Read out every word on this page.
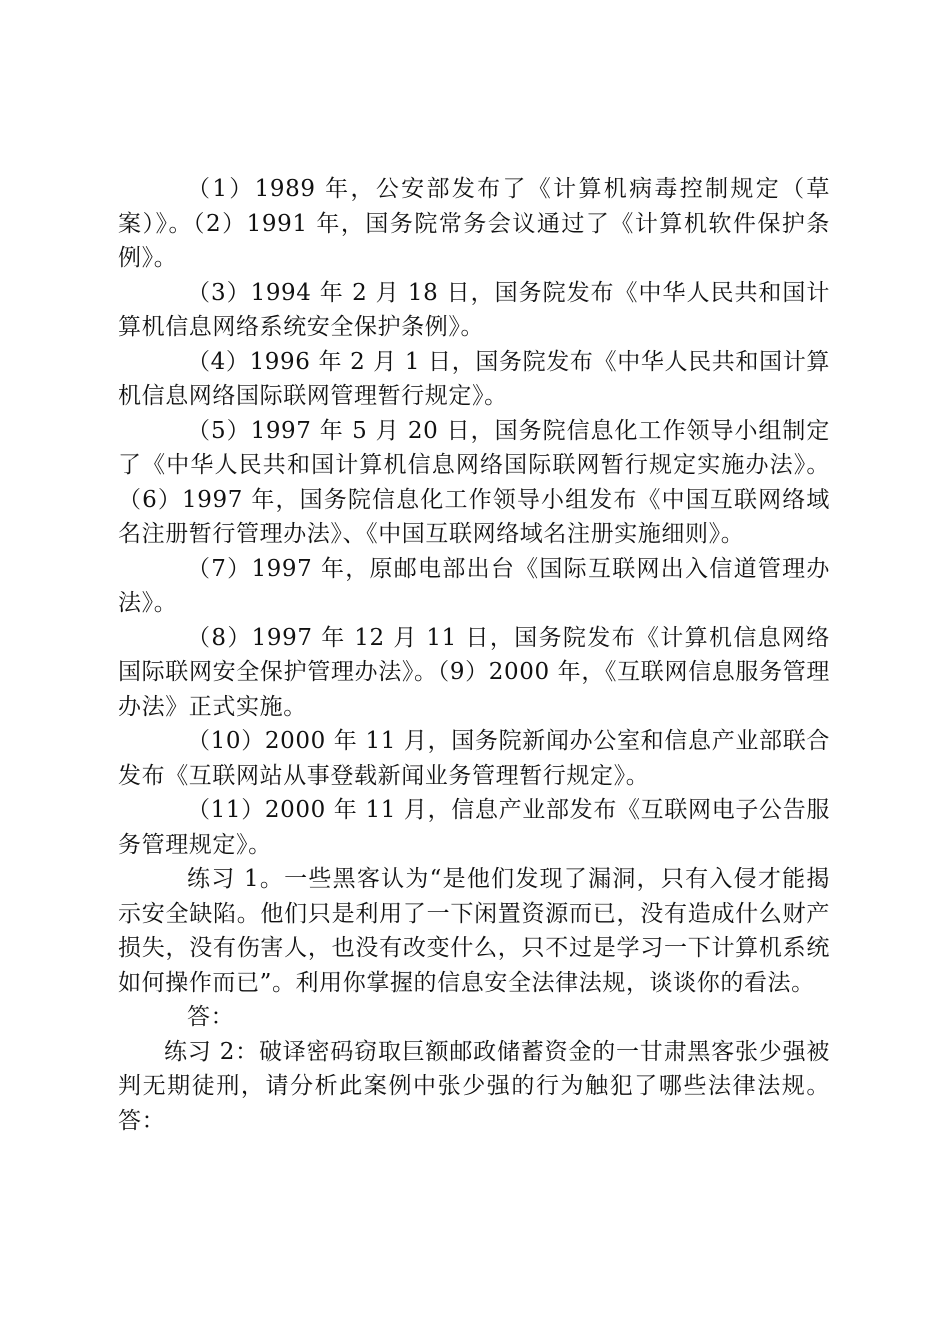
（1）1989 年，公安部发布了《计算机病毒控制规定（草案）》。（2）1991 年，国务院常务会议通过了《计算机软件保护条例》。

（3）1994 年 2 月 18 日，国务院发布《中华人民共和国计算机信息网络系统安全保护条例》。

（4）1996 年 2 月 1 日，国务院发布《中华人民共和国计算机信息网络国际联网管理暂行规定》。

（5）1997 年 5 月 20 日，国务院信息化工作领导小组制定了《中华人民共和国计算机信息网络国际联网暂行规定实施办法》。（6）1997 年，国务院信息化工作领导小组发布《中国互联网络域名注册暂行管理办法》、《中国互联网络域名注册实施细则》。

（7）1997 年，原邮电部出台《国际互联网出入信道管理办法》。

（8）1997 年 12 月 11 日，国务院发布《计算机信息网络国际联网安全保护管理办法》。（9）2000 年，《互联网信息服务管理办法》正式实施。

（10）2000 年 11 月，国务院新闻办公室和信息产业部联合发布《互联网站从事登载新闻业务管理暂行规定》。

（11）2000 年 11 月，信息产业部发布《互联网电子公告服务管理规定》。

练习 1。一些黑客认为“是他们发现了漏洞，只有入侵才能揭示安全缺陷。他们只是利用了一下闲置资源而已，没有造成什么财产损失，没有伤害人，也没有改变什么，只不过是学习一下计算机系统如何操作而已”。利用你掌握的信息安全法律法规，谈谈你的看法。

答：

练习 2：破译密码窃取巨额邮政储蓄资金的一甘肃黑客张少强被判无期徒刑，请分析此案例中张少强的行为触犯了哪些法律法规。答：
